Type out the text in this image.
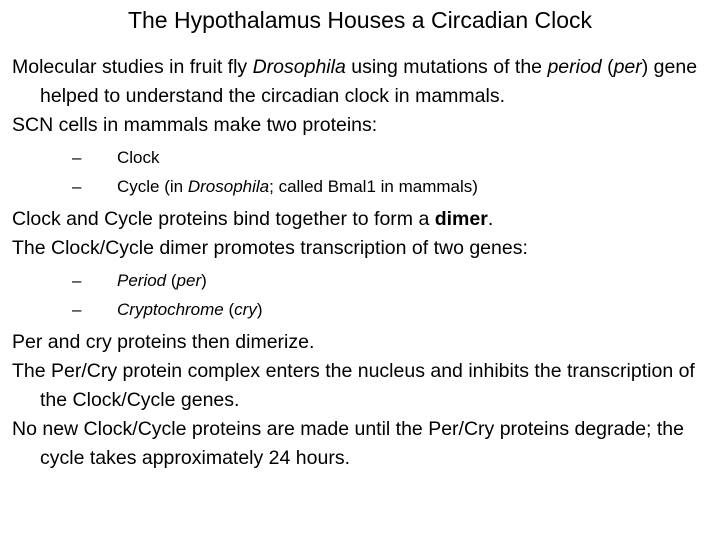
The Hypothalamus Houses a Circadian Clock
Molecular studies in fruit fly Drosophila using mutations of the period (per) gene helped to understand the circadian clock in mammals.
SCN cells in mammals make two proteins:
– Clock
– Cycle (in Drosophila; called Bmal1 in mammals)
Clock and Cycle proteins bind together to form a dimer.
The Clock/Cycle dimer promotes transcription of two genes:
– Period (per)
– Cryptochrome (cry)
Per and cry proteins then dimerize.
The Per/Cry protein complex enters the nucleus and inhibits the transcription of the Clock/Cycle genes.
No new Clock/Cycle proteins are made until the Per/Cry proteins degrade; the cycle takes approximately 24 hours.
